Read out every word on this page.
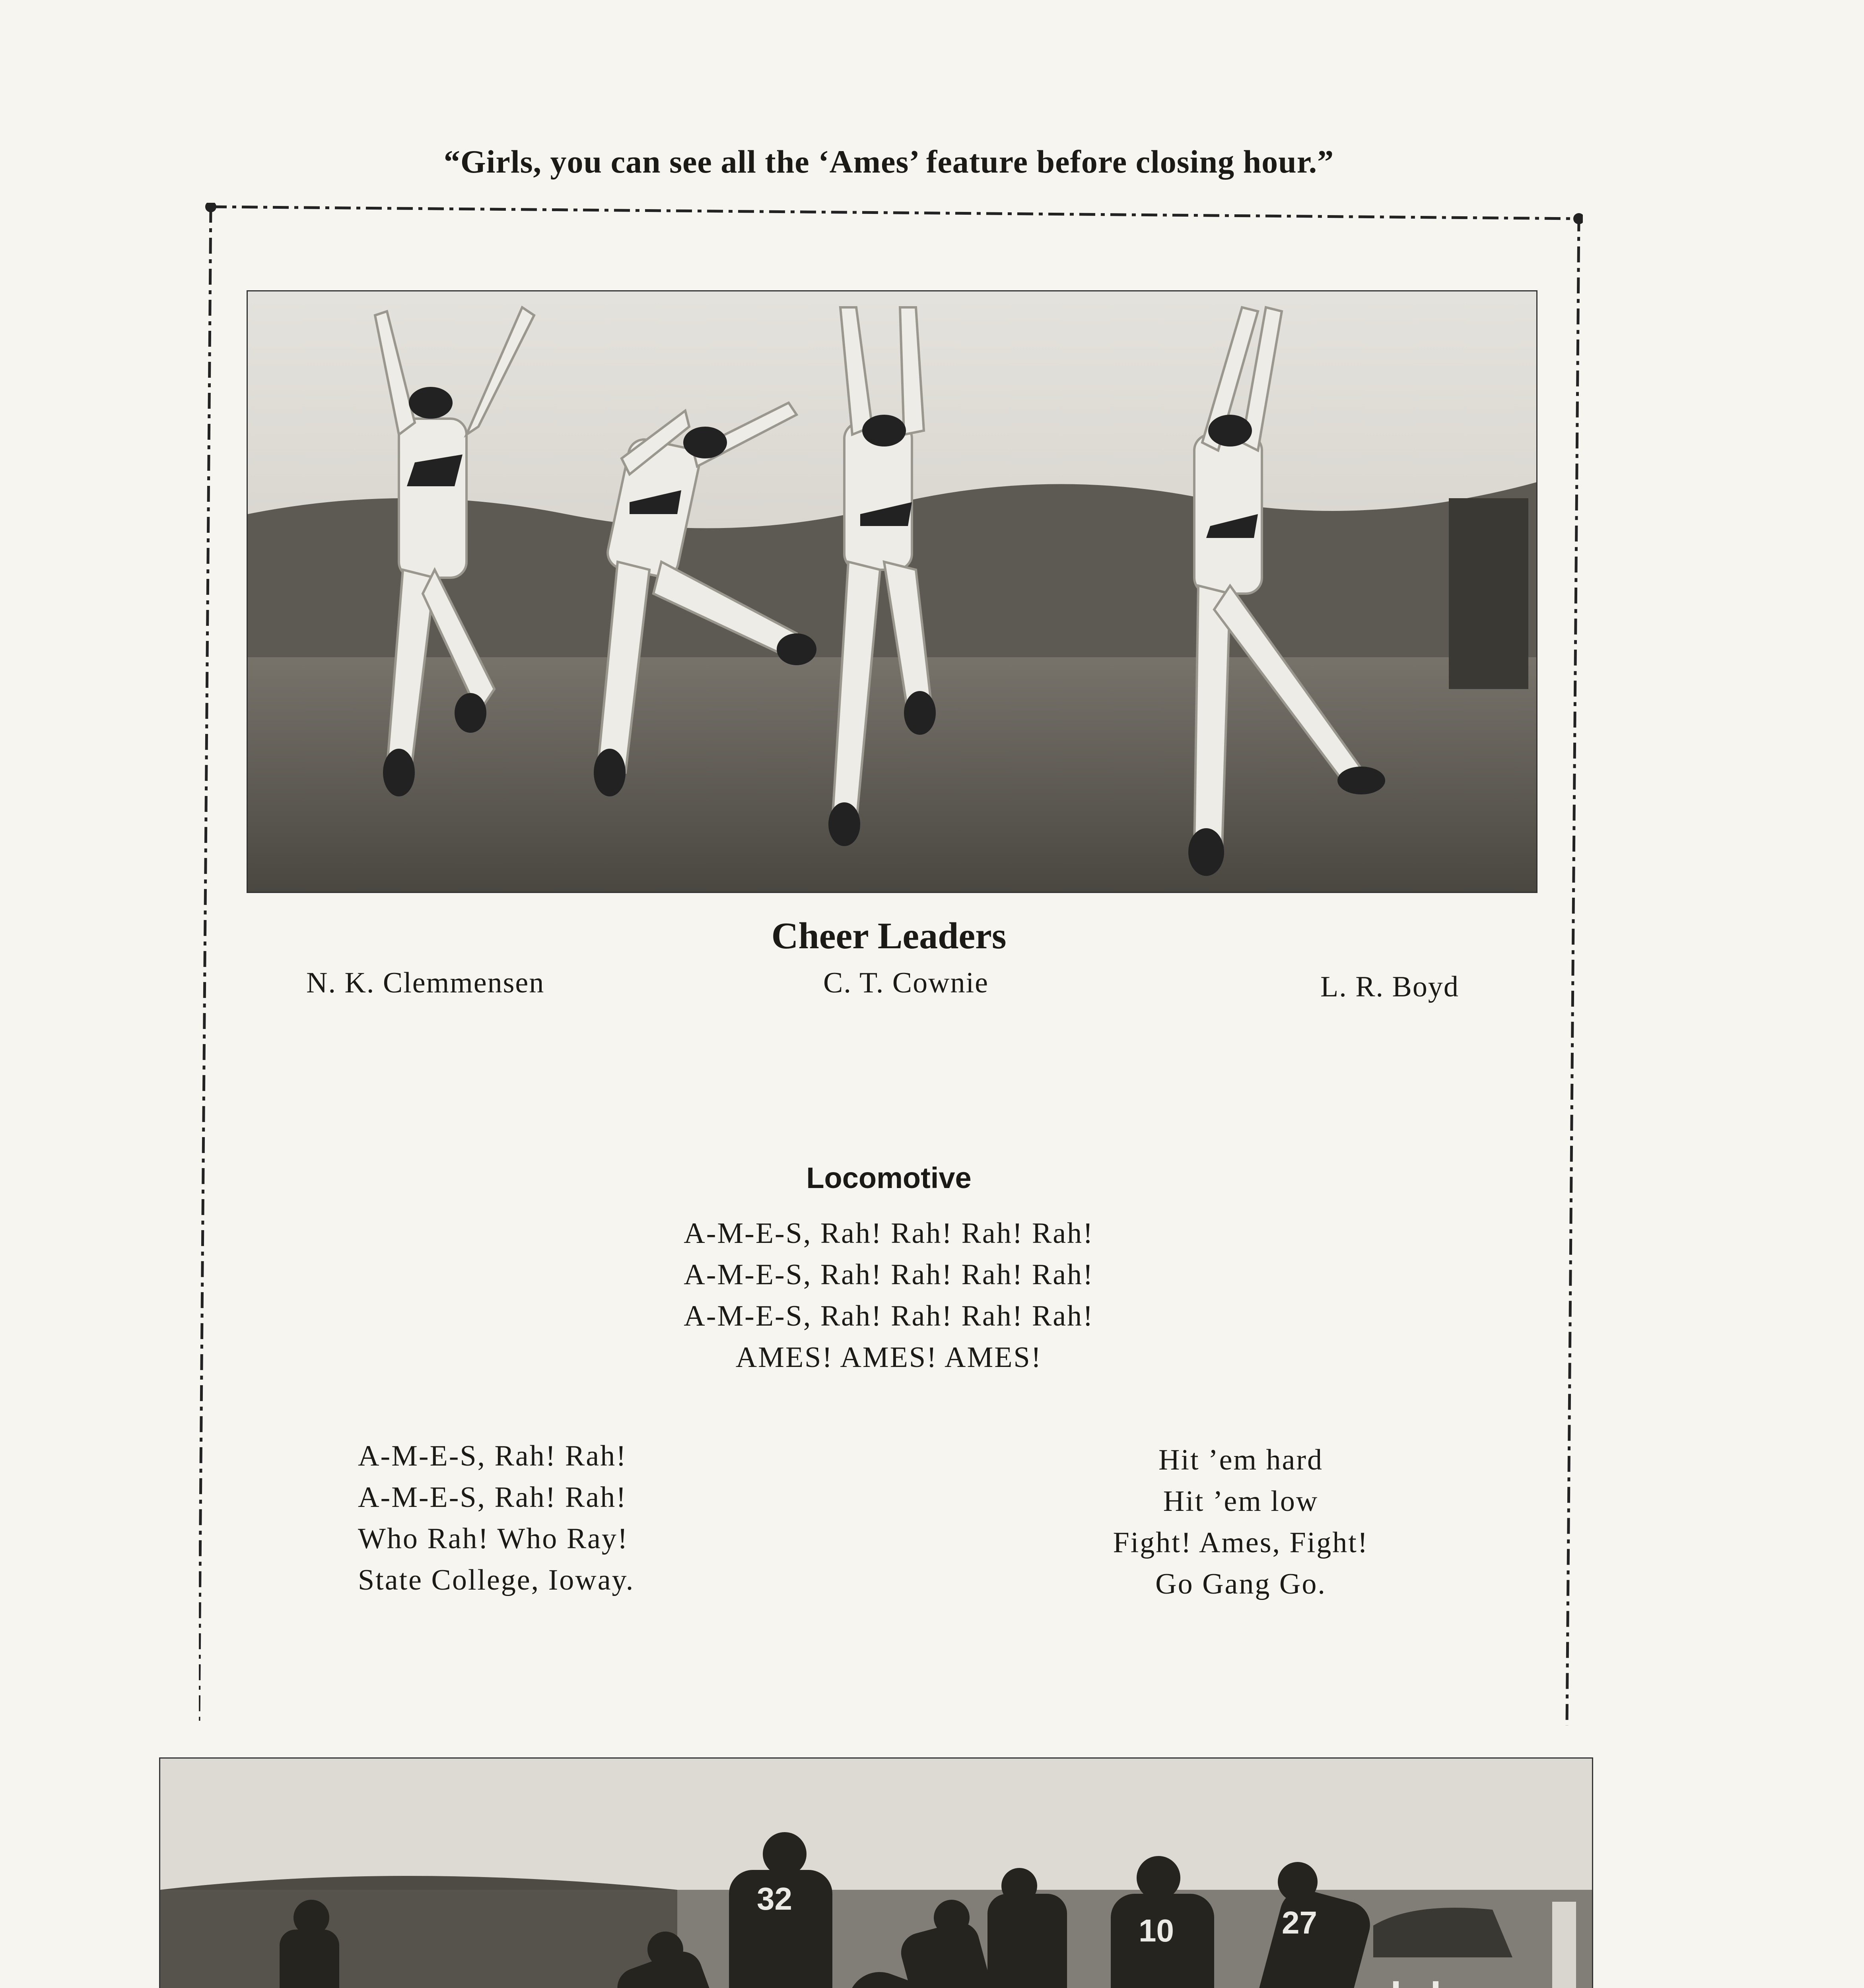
“Girls, you can see all the ‘Ames’ feature before closing hour.”
Cheer Leaders
N. K. Clemmensen	C. T. Cownie	L. R. Boyd
Locomotive
A-M-E-S, Rah! Rah! Rah! Rah!
A-M-E-S, Rah! Rah! Rah! Rah!
A-M-E-S, Rah! Rah! Rah! Rah!
AMES! AMES! AMES!
A-M-E-S, Rah! Rah!
A-M-E-S, Rah! Rah!
Who Rah! Who Ray!
State College, Ioway.
Hit ’em hard
Hit ’em low
Fight! Ames, Fight!
Go Gang Go.
32
10	27
